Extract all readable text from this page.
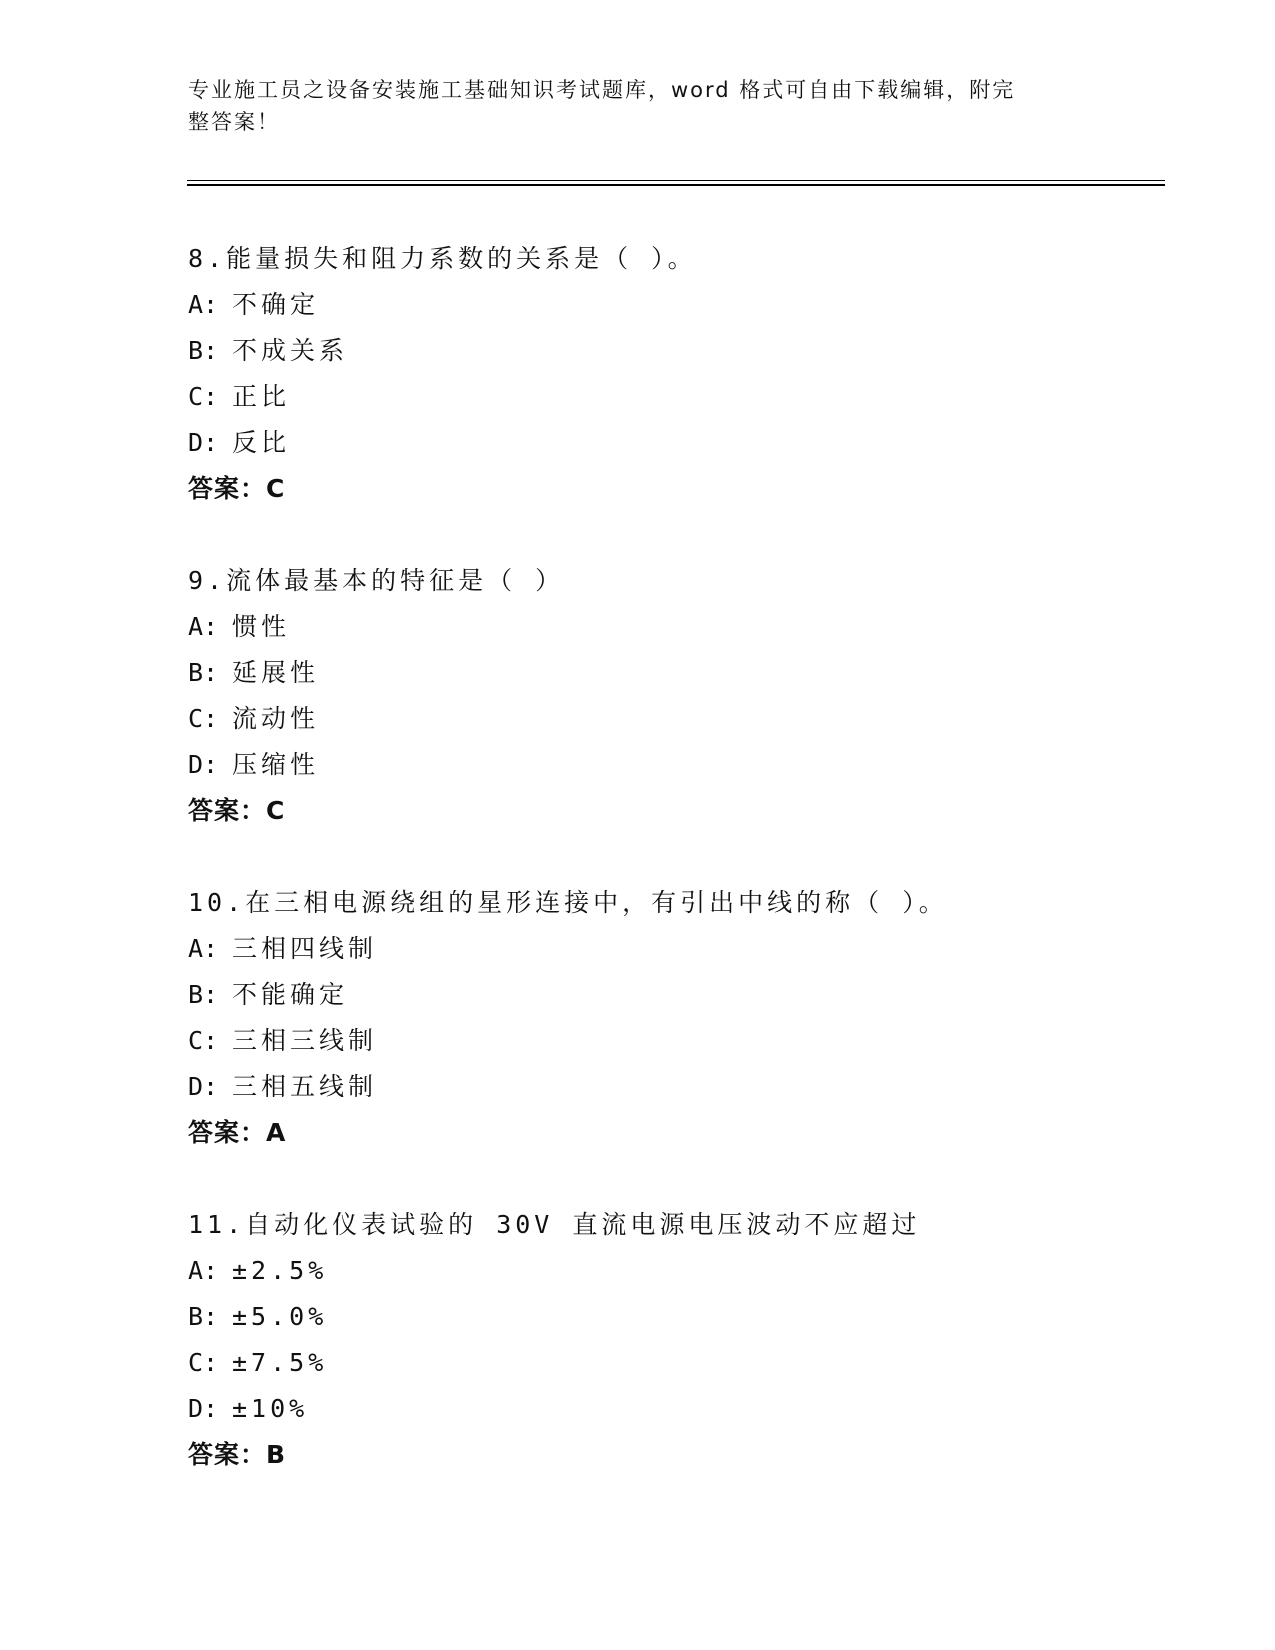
专业施工员之设备安装施工基础知识考试题库，word 格式可自由下载编辑，附完
整答案！
8.能量损失和阻力系数的关系是（ ）。
A: 不确定
B: 不成关系
C: 正比
D: 反比
答案：C
9.流体最基本的特征是（ ）
A: 惯性
B: 延展性
C: 流动性
D: 压缩性
答案：C
10.在三相电源绕组的星形连接中，有引出中线的称（ ）。
A: 三相四线制
B: 不能确定
C: 三相三线制
D: 三相五线制
答案：A
11.自动化仪表试验的 30V 直流电源电压波动不应超过
A: ±2.5%
B: ±5.0%
C: ±7.5%
D: ±10%
答案：B
